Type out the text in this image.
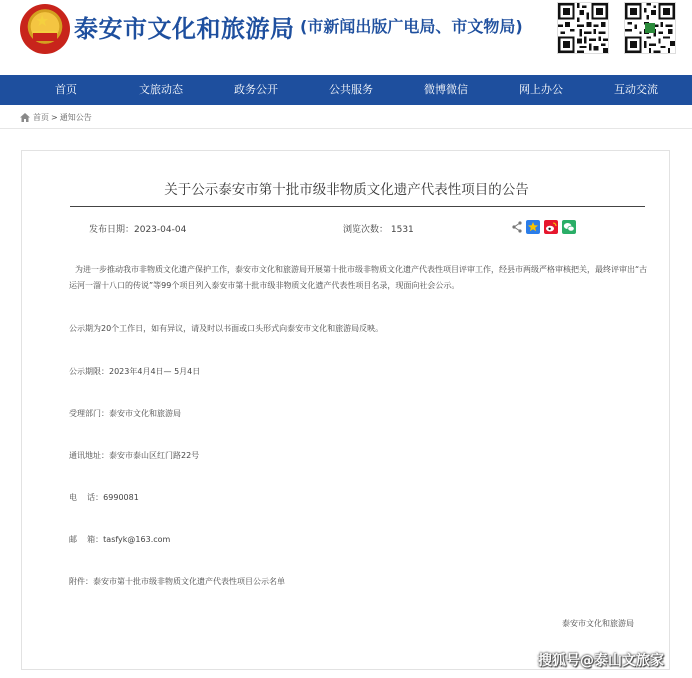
★ 泰安市文化和旅游局 (市新闻出版广电局、市文物局)
首页	文旅动态	政务公开	公共服务	微博微信	网上办公	互动交流
首页 > 通知公告
关于公示泰安市第十批市级非物质文化遗产代表性项目的公告
发布日期：2023-04-04	浏览次数： 1531
为进一步推动我市非物质文化遗产保护工作，泰安市文化和旅游局开展第十批市级非物质文化遗产代表性项目评审工作，经县市两级严格审核把关，最终评审出“古运河一溜十八口的传说”等99个项目列入泰安市第十批市级非物质文化遗产代表性项目名录，现面向社会公示。
公示期为20个工作日，如有异议，请及时以书面或口头形式向泰安市文化和旅游局反映。
公示期限：2023年4月4日— 5月4日
受理部门：泰安市文化和旅游局
通讯地址：泰安市泰山区红门路22号
电    话：6990081
邮    箱：tasfyk@163.com
附件：泰安市第十批市级非物质文化遗产代表性项目公示名单
泰安市文化和旅游局
搜狐号@泰山文旅家
